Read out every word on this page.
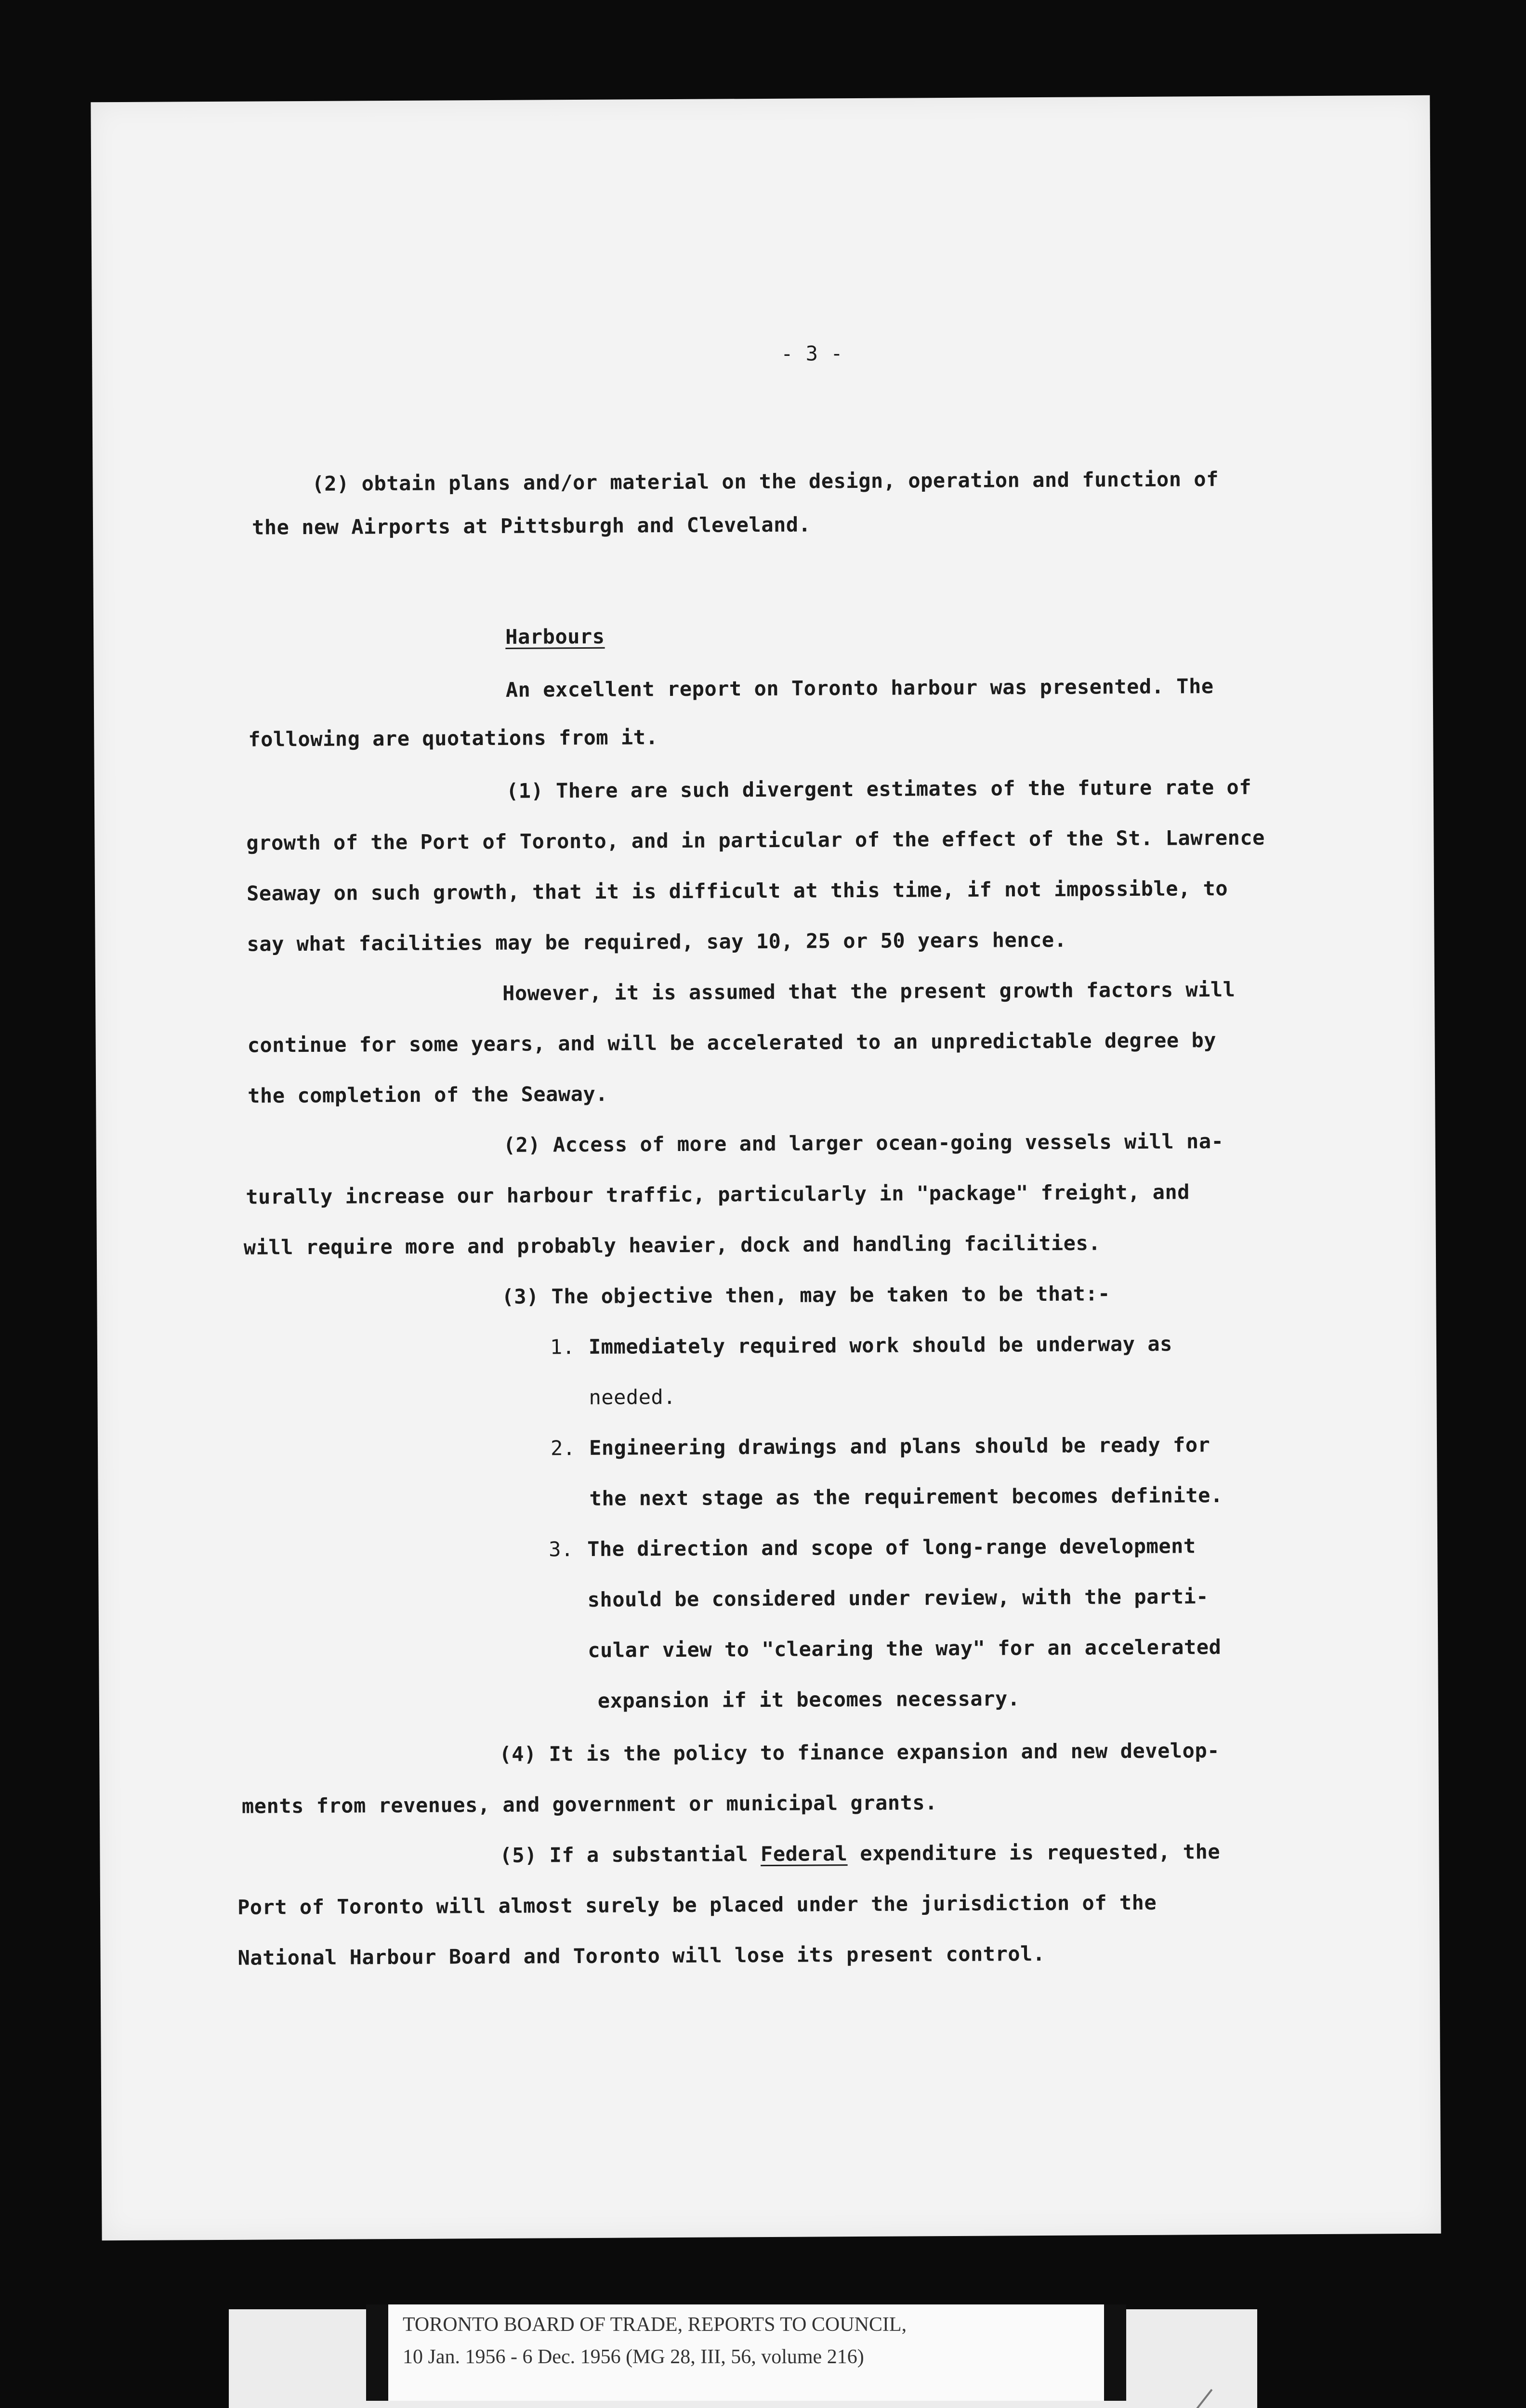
- 3 -
(2) obtain plans and/or material on the design, operation and function of
the new Airports at Pittsburgh and Cleveland.
Harbours
An excellent report on Toronto harbour was presented. The
following are quotations from it.
(1) There are such divergent estimates of the future rate of
growth of the Port of Toronto, and in particular of the effect of the St. Lawrence
Seaway on such growth, that it is difficult at this time, if not impossible, to
say what facilities may be required, say 10, 25 or 50 years hence.
However, it is assumed that the present growth factors will
continue for some years, and will be accelerated to an unpredictable degree by
the completion of the Seaway.
(2) Access of more and larger ocean-going vessels will na-
turally increase our harbour traffic, particularly in "package" freight, and
will require more and probably heavier, dock and handling facilities.
(3) The objective then, may be taken to be that:-
1. Immediately required work should be underway as
needed.
2. Engineering drawings and plans should be ready for
the next stage as the requirement becomes definite.
3. The direction and scope of long-range development
should be considered under review, with the parti-
cular view to "clearing the way" for an accelerated
expansion if it becomes necessary.
(4) It is the policy to finance expansion and new develop-
ments from revenues, and government or municipal grants.
(5) If a substantial Federal expenditure is requested, the
Port of Toronto will almost surely be placed under the jurisdiction of the
National Harbour Board and Toronto will lose its present control.
TORONTO BOARD OF TRADE, REPORTS TO COUNCIL,
10 Jan. 1956 - 6 Dec. 1956 (MG 28, III, 56, volume 216)
